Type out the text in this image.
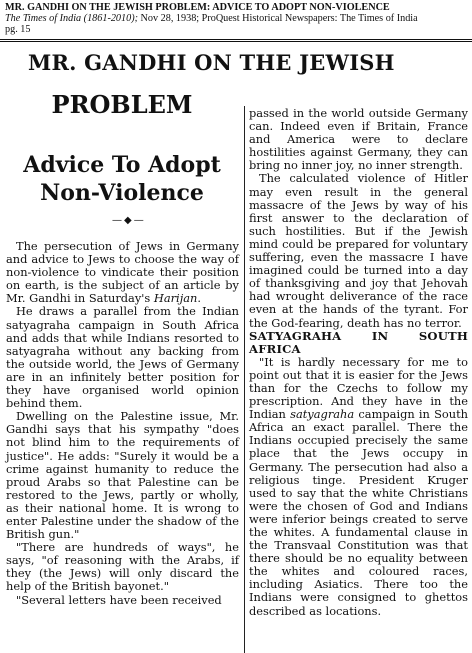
MR. GANDHI ON THE JEWISH PROBLEM: ADVICE TO ADOPT NON-VIOLENCE
The Times of India (1861-2010); Nov 28, 1938; ProQuest Historical Newspapers: The Times of India
pg. 15
MR. GANDHI ON THE JEWISH
PROBLEM
Advice To Adopt
Non-Violence
—◆—

The persecution of Jews in Germany and advice to Jews to choose the way of non-violence to vindicate their position on earth, is the subject of an article by Mr. Gandhi in Saturday's Harijan.

He draws a parallel from the Indian satyagraha campaign in South Africa and adds that while Indians resorted to satyagraha without any backing from the outside world, the Jews of Germany are in an infinitely better position for they have organised world opinion behind them.

Dwelling on the Palestine issue, Mr. Gandhi says that his sympathy "does not blind him to the requirements of justice". He adds: "Surely it would be a crime against humanity to reduce the proud Arabs so that Palestine can be restored to the Jews, partly or wholly, as their national home. It is wrong to enter Palestine under the shadow of the British gun."

"There are hundreds of ways", he says, "of reasoning with the Arabs, if they (the Jews) will only discard the help of the British bayonet."

"Several letters have been received

passed in the world outside Germany can. Indeed even if Britain, France and America were to declare hostilities against Germany, they can bring no inner joy, no inner strength.

The calculated violence of Hitler may even result in the general massacre of the Jews by way of his first answer to the declaration of such hostilities. But if the Jewish mind could be prepared for voluntary suffering, even the massacre I have imagined could be turned into a day of thanksgiving and joy that Jehovah had wrought deliverance of the race even at the hands of the tyrant. For the God-fearing, death has no terror.

SATYAGRAHA IN SOUTH AFRICA

"It is hardly necessary for me to point out that it is easier for the Jews than for the Czechs to follow my prescription. And they have in the Indian satyagraha campaign in South Africa an exact parallel. There the Indians occupied precisely the same place that the Jews occupy in Germany. The persecution had also a religious tinge. President Kruger used to say that the white Christians were the chosen of God and Indians were inferior beings created to serve the whites. A fundamental clause in the Transvaal Constitution was that there should be no equality between the whites and coloured races, including Asiatics. There too the Indians were consigned to ghettos described as locations.
